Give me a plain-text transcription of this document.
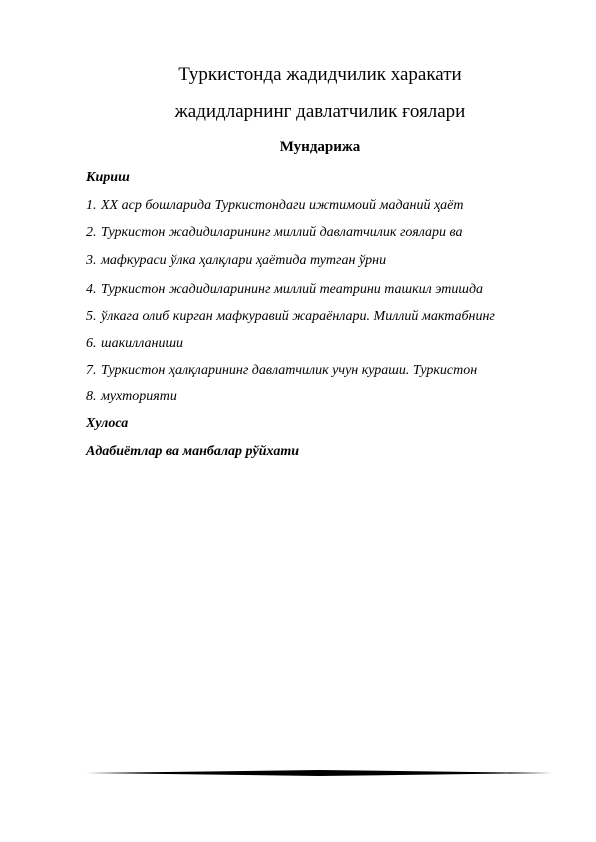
Туркистонда жадидчилик харакати
жадидларнинг давлатчилик ғоялари
Мундарижа
Кириш
1. XX аср бошларида Туркистондаги ижтимоий маданий ҳаёт
2. Туркистон жадидиларининг миллий давлатчилик гоялари ва
3. мафкураси ўлка ҳалқлари ҳаётида тутган ўрни
4. Туркистон жадидиларининг миллий театрини ташкил этишда
5. ўлкага олиб кирган мафкуравий жараёнлари. Миллий мактабнинг
6. шакилланиши
7. Туркистон ҳалқларининг давлатчилик учун кураши. Туркистон
8. мухторияти
Хулоса
Адабиётлар ва манбалар рўйхати
